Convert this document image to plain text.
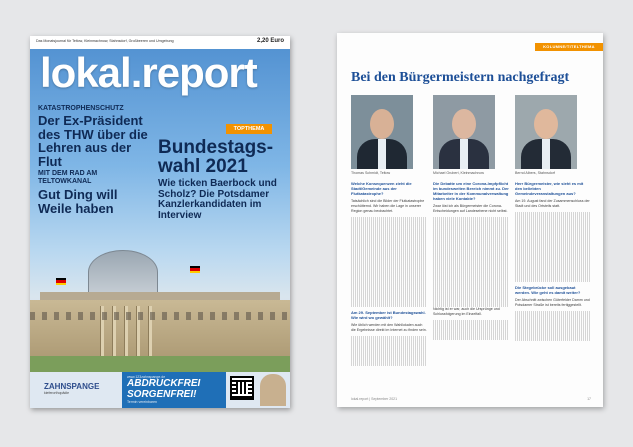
Das Monatsjournal für Teltow, Kleinmachnow, Stahnsdorf, Großbeeren und Umgebung	2,20 Euro
lokal.report
KATASTROPHENSCHUTZ
Der Ex-Präsident des THW über die Lehren aus der Flut
MIT DEM RAD AM TELTOWKANAL
Gut Ding will Weile haben
TOPTHEMA
Bundestags-wahl 2021
Wie ticken Baerbock und Scholz? Die Potsdamer Kanzlerkandidaten im Interview
ZAHNSPANGE
kieferorthopädie
www.123zahnspange.de
ABDRUCKFREI
SORGENFREI!
Termin vereinbaren
KOLUMNE/TITELTHEMA
Bei den Bürgermeistern nachgefragt
Thomas Schmidt, Teltow	Michael Grubert, Kleinmachnow	Bernd Albers, Stahnsdorf
Welche Konsequenzen zieht die Stadt/Gemeinde aus der Flutkatastrophe?
Tatsächlich sind die Bilder der Flutkatastrophe erschütternd. Wir haben die Lage in unserer Region genau beobachtet.
Am 29. September ist Bundestagswahl. Wie wird wo gewählt?
Wie üblich werden mit den Wahllokalen auch die Ergebnisse direkt im Internet zu finden sein.
Die Debatte um eine Corona-Impfpflicht im bundesweiten Bereich nimmt zu. Der Mitarbeiter in der Kommunalverwaltung haben viele Kontakte?
Zwar löst ich als Bürgermeister die Corona-Entscheidungen auf Landesebene nicht selbst.
Nichtig ist er war, auch die Ursprünge und Schlussfolgerung im Einzelfall.
Herr Bürgermeister, wie sieht es mit den beliebten Gemeindeveranstaltungen aus?
Am 19. August fand der Zusammenschluss der Stadt und des Ortsteils statt.
Die Stegebrücke soll ausgebaut werden. Wie geht es damit weiter?
Der Abschnitt zwischen Güterfelder Damm und Potsdamer Straße ist bereits fertiggestellt.
lokal.report | September 2021	17
